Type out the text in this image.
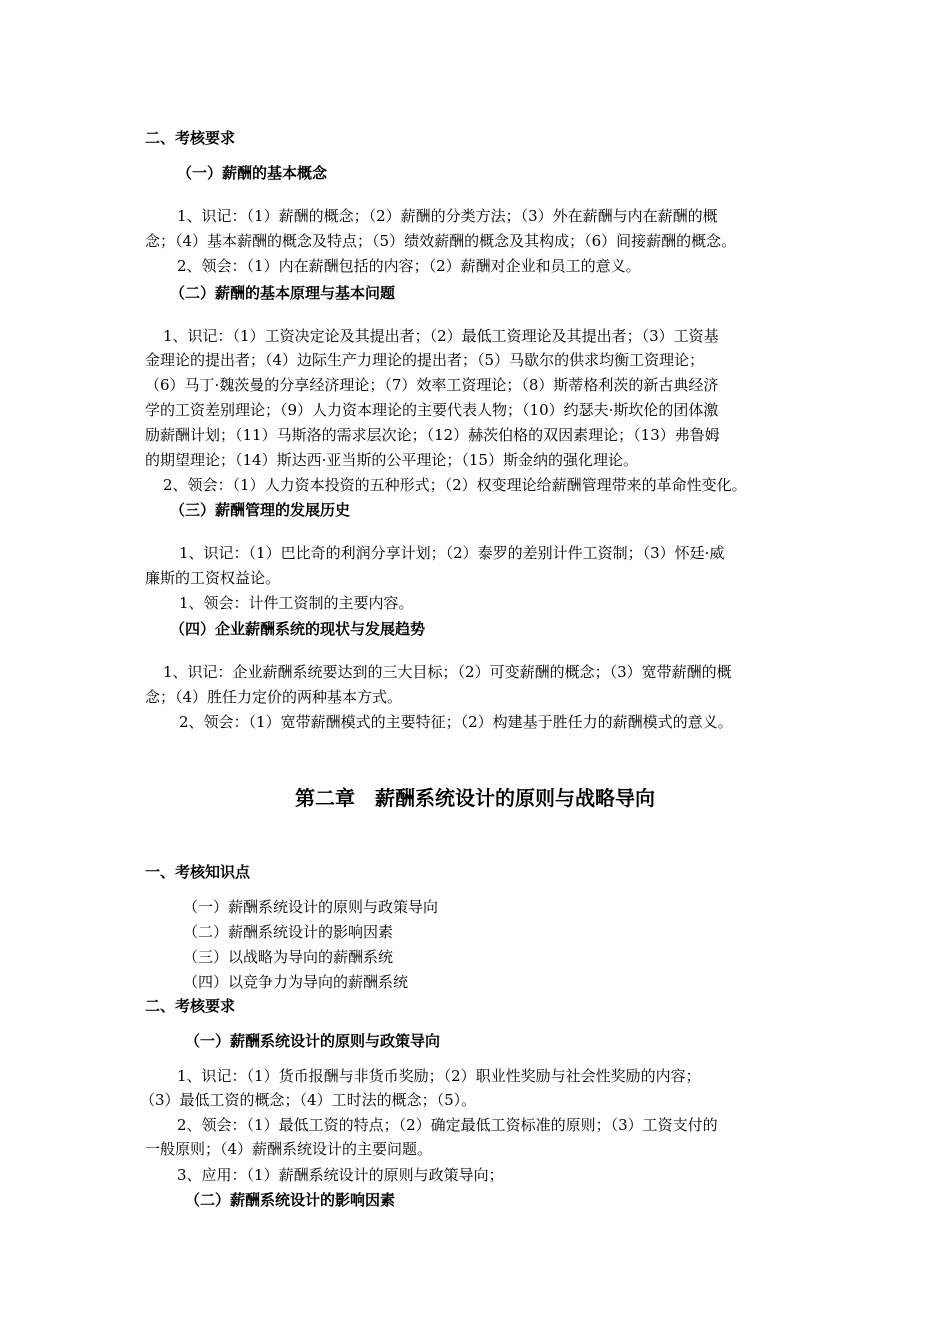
二、考核要求
（一）薪酬的基本概念
1、识记：（1）薪酬的概念；（2）薪酬的分类方法；（3）外在薪酬与内在薪酬的概
念；（4）基本薪酬的概念及特点；（5）绩效薪酬的概念及其构成；（6）间接薪酬的概念。
2、领会：（1）内在薪酬包括的内容；（2）薪酬对企业和员工的意义。
（二）薪酬的基本原理与基本问题
1、识记：（1）工资决定论及其提出者；（2）最低工资理论及其提出者；（3）工资基
金理论的提出者；（4）边际生产力理论的提出者；（5）马歇尔的供求均衡工资理论；
（6）马丁·魏茨曼的分享经济理论；（7）效率工资理论；（8）斯蒂格利茨的新古典经济
学的工资差别理论；（9）人力资本理论的主要代表人物；（10）约瑟夫·斯坎伦的团体激
励薪酬计划；（11）马斯洛的需求层次论；（12）赫茨伯格的双因素理论；（13）弗鲁姆
的期望理论；（14）斯达西·亚当斯的公平理论；（15）斯金纳的强化理论。
2、领会：（1）人力资本投资的五种形式；（2）权变理论给薪酬管理带来的革命性变化。
（三）薪酬管理的发展历史
1、识记：（1）巴比奇的利润分享计划；（2）泰罗的差别计件工资制；（3）怀廷·威
廉斯的工资权益论。
1、领会：计件工资制的主要内容。
（四）企业薪酬系统的现状与发展趋势
1、识记：企业薪酬系统要达到的三大目标；（2）可变薪酬的概念；（3）宽带薪酬的概
念；（4）胜任力定价的两种基本方式。
2、领会：（1）宽带薪酬模式的主要特征；（2）构建基于胜任力的薪酬模式的意义。
第二章　薪酬系统设计的原则与战略导向
一、考核知识点
（一）薪酬系统设计的原则与政策导向
（二）薪酬系统设计的影响因素
（三）以战略为导向的薪酬系统
（四）以竞争力为导向的薪酬系统
二、考核要求
（一）薪酬系统设计的原则与政策导向
1、识记：（1）货币报酬与非货币奖励；（2）职业性奖励与社会性奖励的内容；
（3）最低工资的概念；（4）工时法的概念；（5）。
2、领会：（1）最低工资的特点；（2）确定最低工资标准的原则；（3）工资支付的
一般原则；（4）薪酬系统设计的主要问题。
3、应用：（1）薪酬系统设计的原则与政策导向；
（二）薪酬系统设计的影响因素
